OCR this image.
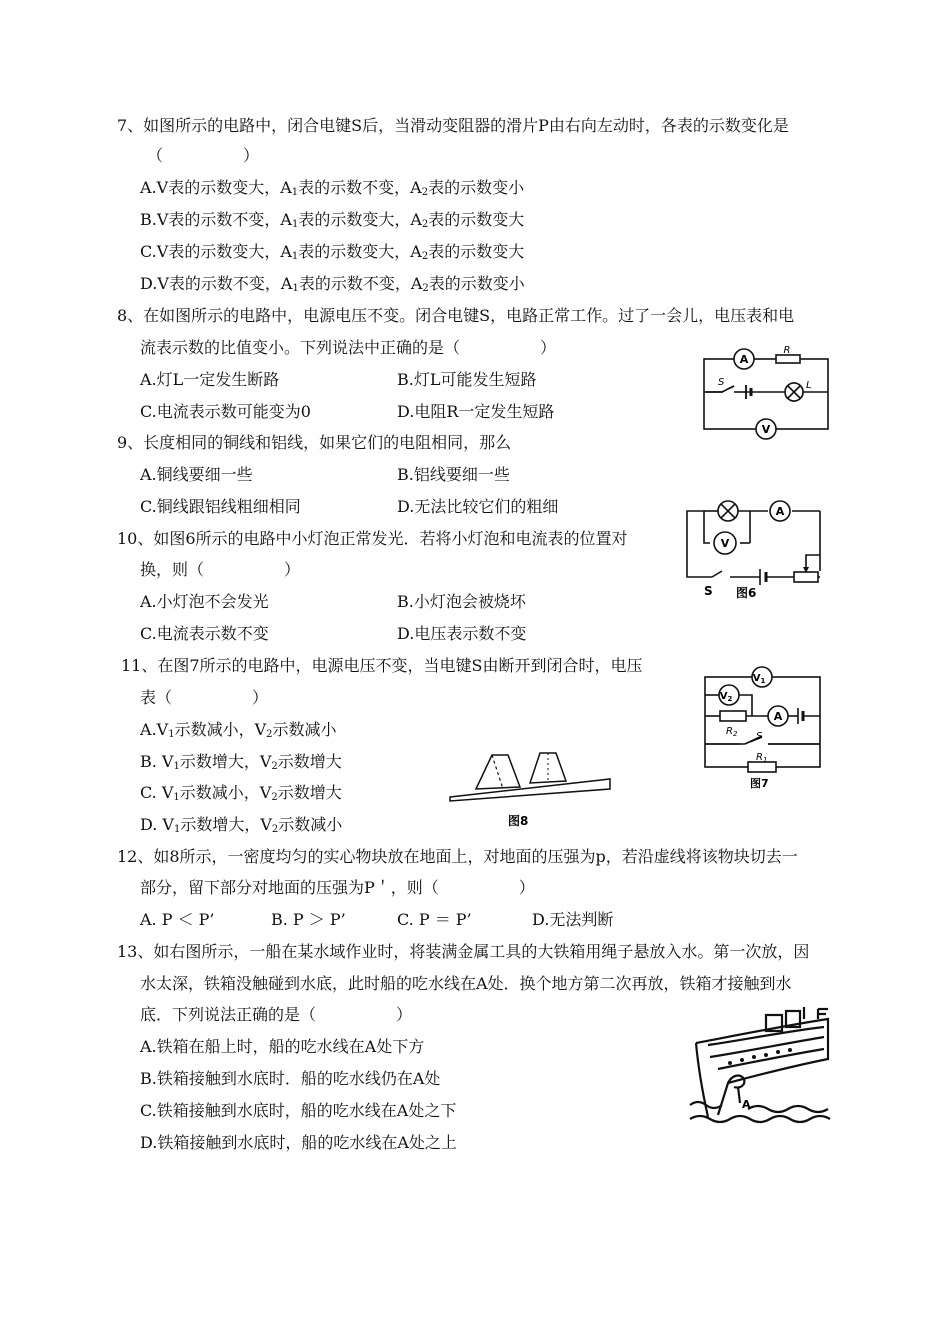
7、如图所示的电路中，闭合电键S后，当滑动变阻器的滑片P由右向左动时，各表的示数变化是
（　　　　　）
A.V表的示数变大，$A_1$表的示数不变，$A_2$表的示数变小
B.V表的示数不变，$A_1$表的示数变大，$A_2$表的示数变大
C.V表的示数变大，$A_1$表的示数变大，$A_2$表的示数变大
D.V表的示数不变，$A_1$表的示数不变，$A_2$表的示数变小
8、在如图所示的电路中，电源电压不变。闭合电键S，电路正常工作。过了一会儿，电压表和电
流表示数的比值变小。下列说法中正确的是（　　　　　）
A.灯L一定发生断路	B.灯L可能发生短路
C.电流表示数可能变为0	D.电阻R一定发生短路
A
R
S	L
V
9、长度相同的铜线和铝线，如果它们的电阻相同，那么
A.铜线要细一些	B.铝线要细一些
C.铜线跟铝线粗细相同	D.无法比较它们的粗细	A
V
S 图6
10、如图6所示的电路中小灯泡正常发光．若将小灯泡和电流表的位置对
换，则（　　　　　）
A.小灯泡不会发光	B.小灯泡会被烧坏
C.电流表示数不变	D.电压表示数不变
11、在图7所示的电路中，电源电压不变，当电键S由断开到闭合时，电压
表（　　　　　）
$A.V_1$示数减小，$V_2$示数减小
B. $V_1$示数增大，$V_2$示数增大
C. $V_1$示数减小，$V_2$示数增大
D. $V_1$示数增大，$V_2$示数减小
$V_1$
$V_2$
A
$R_2$ S
$R_1$
图7
图8
12、如8所示，一密度均匀的实心物块放在地面上，对地面的压强为p，若沿虚线将该物块切去一
部分，留下部分对地面的压强为P＇，则（　　　　　）
A. P ＜ P’	B. P ＞ P’	C. P ＝ P’	D.无法判断
13、如右图所示，一船在某水域作业时，将装满金属工具的大铁箱用绳子悬放入水。第一次放，因
水太深，铁箱没触碰到水底，此时船的吃水线在A处．换个地方第二次再放，铁箱才接触到水
底．下列说法正确的是（　　　　　）
A.铁箱在船上时，船的吃水线在A处下方
B.铁箱接触到水底时．船的吃水线仍在A处
C.铁箱接触到水底时，船的吃水线在A处之下
D.铁箱接触到水底时，船的吃水线在A处之上
A
